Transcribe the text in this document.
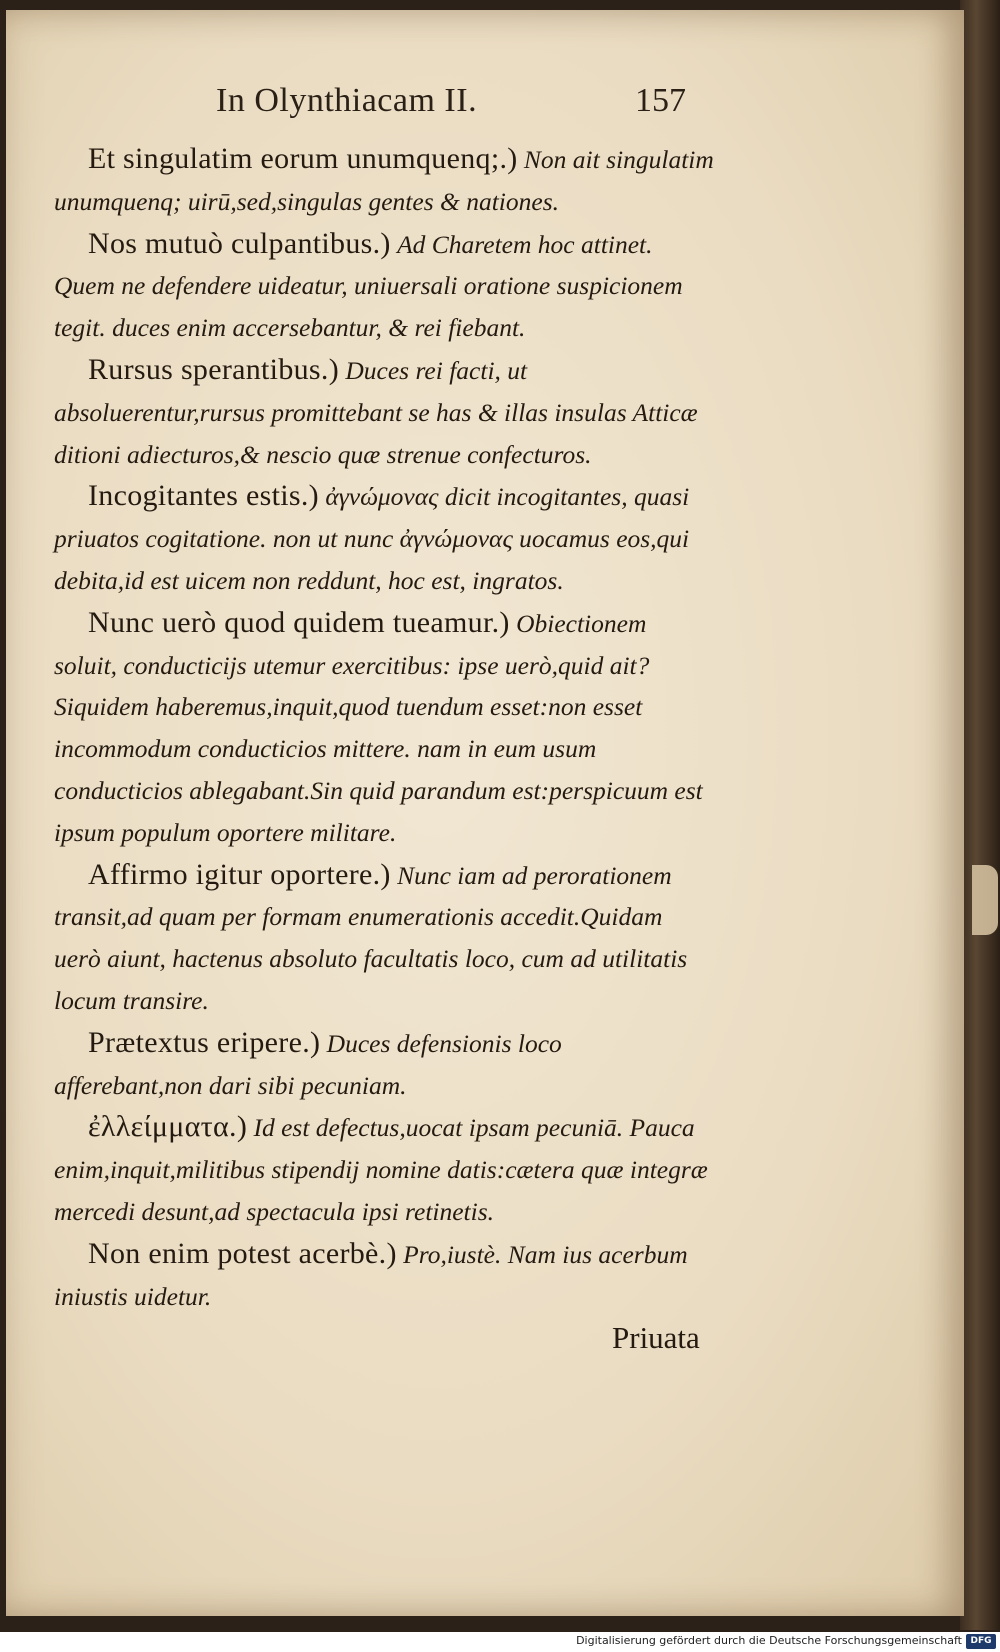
In Olynthiacam II.	157

Et singulatim eorum unumquenq;.) Non ait singulatim unumquenq; uirū,sed,singulas gentes & nationes.

Nos mutuò culpantibus.) Ad Charetem hoc attinet. Quem ne defendere uideatur, uniuersali oratione suspicionem tegit. duces enim accersebantur, & rei fiebant.

Rursus sperantibus.) Duces rei facti, ut absoluerentur,rursus promittebant se has & illas insulas Atticæ ditioni adiecturos,& nescio quæ strenue confecturos.

Incogitantes estis.) ἀγνώμονας dicit incogitantes, quasi priuatos cogitatione. non ut nunc ἀγνώμονας uocamus eos,qui debita,id est uicem non reddunt, hoc est, ingratos.

Nunc uerò quod quidem tueamur.) Obiectionem soluit, conducticijs utemur exercitibus: ipse uerò,quid ait?Siquidem haberemus,inquit,quod tuendum esset:non esset incommodum conducticios mittere. nam in eum usum conducticios ablegabant.Sin quid parandum est:perspicuum est ipsum populum oportere militare.

Affirmo igitur oportere.) Nunc iam ad perorationem transit,ad quam per formam enumerationis accedit.Quidam uerò aiunt, hactenus absoluto facultatis loco, cum ad utilitatis locum transire.

Prætextus eripere.) Duces defensionis loco afferebant,non dari sibi pecuniam.

ἐλλείμματα.) Id est defectus,uocat ipsam pecuniā. Pauca enim,inquit,militibus stipendij nomine datis:cætera quæ integræ mercedi desunt,ad spectacula ipsi retinetis.

Non enim potest acerbè.) Pro,iustè. Nam ius acerbum iniustis uidetur.

Priuata
Digitalisierung gefördert durch die Deutsche Forschungsgemeinschaft DFG
